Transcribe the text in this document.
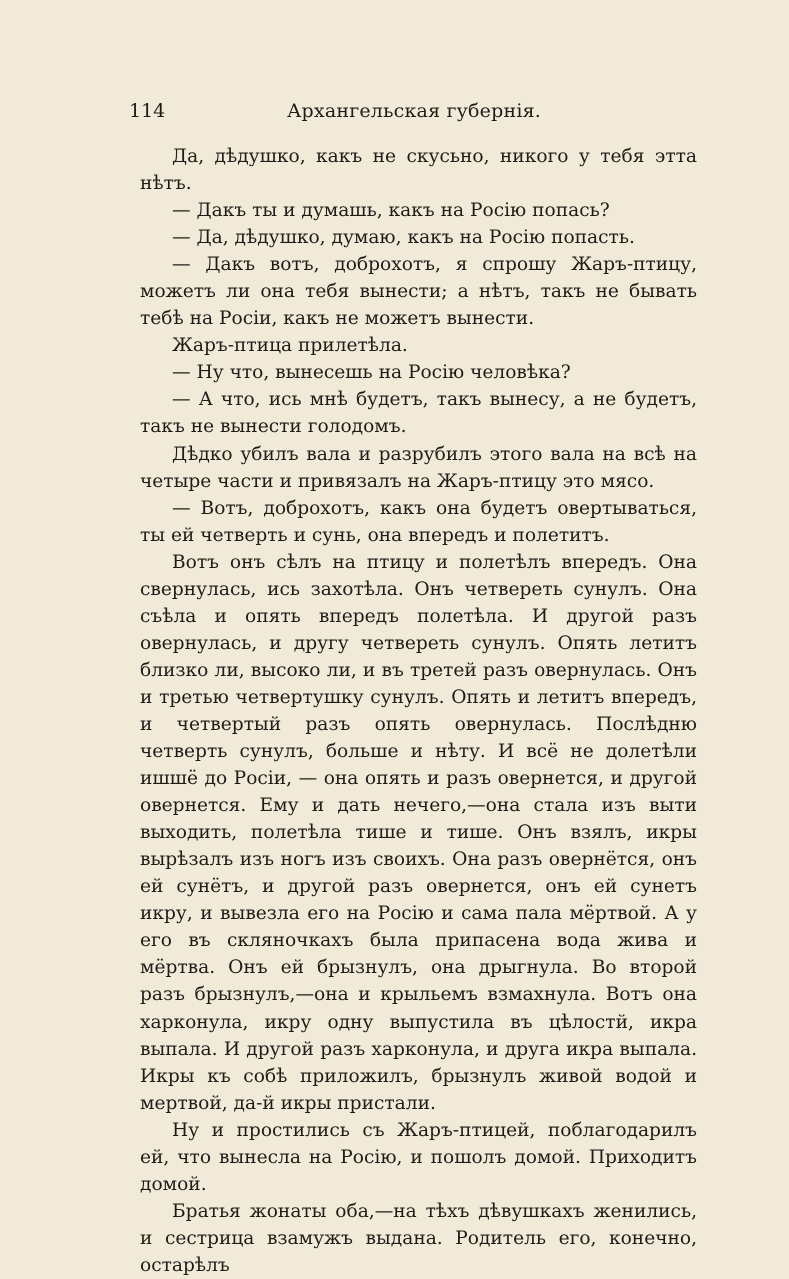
114	Архангельская губернiя.

Да, дѣдушко, какъ не скусьно, никого у тебя этта нѣтъ.

— Дакъ ты и думашь, какъ на Росiю попась?

— Да, дѣдушко, думаю, какъ на Росiю попасть.

— Дакъ вотъ, доброхотъ, я спрошу Жаръ-птицу, можетъ ли она тебя вынести; а нѣтъ, такъ не бывать тебѣ на Росiи, какъ не можетъ вынести.

Жаръ-птица прилетѣла.

— Ну что, вынесешь на Росiю человѣка?

— А что, ись мнѣ будетъ, такъ вынесу, а не будетъ, такъ не вынести голодомъ.

Дѣдко убилъ вала и разрубилъ этого вала на всѣ на четыре части и привязалъ на Жаръ-птицу это мясо.

— Вотъ, доброхотъ, какъ она будетъ овертываться, ты ей четверть и сунь, она впередъ и полетитъ.

Вотъ онъ сѣлъ на птицу и полетѣлъ впередъ. Она свернулась, ись захотѣла. Онъ четвереть сунулъ. Она съѣла и опять впередъ полетѣла. И другой разъ овернулась, и другу четвереть сунулъ. Опять летитъ близко ли, высоко ли, и въ третей разъ овернулась. Онъ и третью четвертушку сунулъ. Опять и летитъ впередъ, и четвертый разъ опять овернулась. Послѣдню четверть сунулъ, больше и нѣту. И всё не долетѣли ишшё до Росiи, — она опять и разъ овернется, и другой овернется. Ему и дать нечего,—она стала изъ выти выходить, полетѣла тише и тише. Онъ взялъ, икры вырѣзалъ изъ ногъ изъ своихъ. Она разъ овернётся, онъ ей сунётъ, и другой разъ овернется, онъ ей сунетъ икру, и вывезла его на Росiю и сама пала мёртвой. А у его въ скляночкахъ была припасена вода жива и мёртва. Онъ ей брызнулъ, она дрыгнула. Во второй разъ брызнулъ,—она и крыльемъ взмахнула. Вотъ она харконула, икру одну выпустила въ цѣлостй, икра выпала. И другой разъ харконула, и друга икра выпала. Икры къ собѣ приложилъ, брызнулъ живой водой и мертвой, да-й икры пристали.

Ну и простились съ Жаръ-птицей, поблагодарилъ ей, что вынесла на Росiю, и пошолъ домой. Приходитъ домой.

Братья жонаты оба,—на тѣхъ дѣвушкахъ женились, и сестрица взамужъ выдана. Родитель его, конечно, остарѣлъ
